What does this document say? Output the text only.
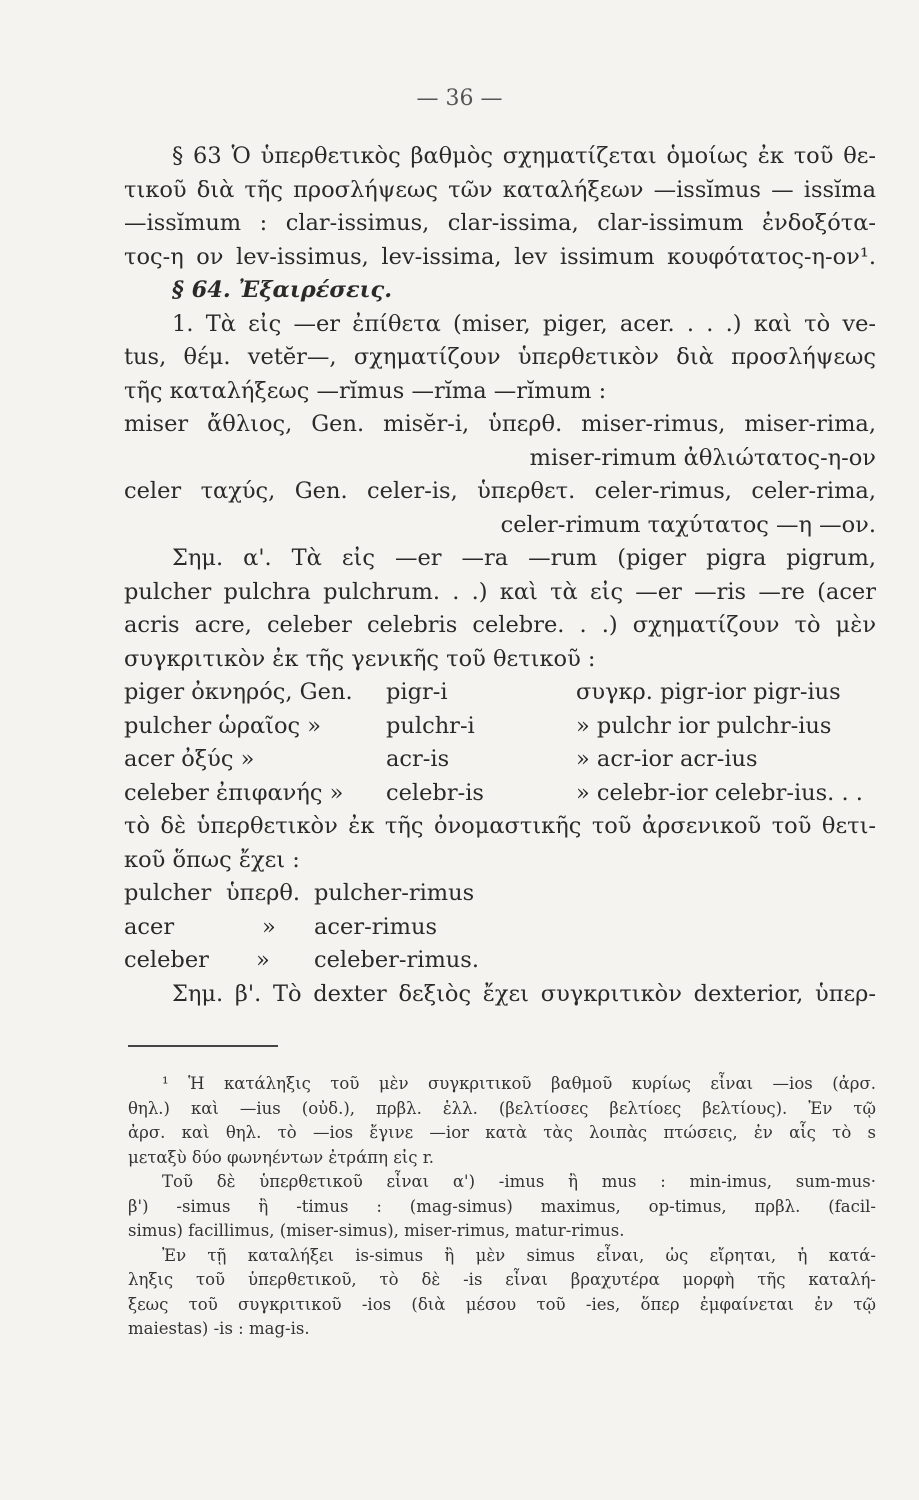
— 36 —
§ 63 Ὁ ὑπερθετικὸς βαθμὸς σχηματίζεται ὁμοίως ἐκ τοῦ θε-
τικοῦ διὰ τῆς προσλήψεως τῶν καταλήξεων —issĭmus — issĭma
—issĭmum : clar-issimus, clar-issima, clar-issimum ἐνδοξότα-
τος-η ον lev-issimus, lev-issima, lev issimum κουφότατος-η-ον¹.
§ 64. Ἐξαιρέσεις.
1. Τὰ εἰς —er ἐπίθετα (miser, piger, acer. . . .) καὶ τὸ ve-
tus, θέμ. vetĕr—, σχηματίζουν ὑπερθετικὸν διὰ προσλήψεως
τῆς καταλήξεως —rĭmus —rĭma —rĭmum :
miser ἄθλιος, Gen. misĕr-i, ὑπερθ. miser-rimus, miser-rima,
miser-rimum ἀθλιώτατος-η-ον
celer ταχύς, Gen. celer-is, ὑπερθετ. celer-rimus, celer-rima,
celer-rimum ταχύτατος —η —ον.
Σημ. α'. Τὰ εἰς —er —ra —rum (piger pigra pigrum,
pulcher pulchra pulchrum. . .) καὶ τὰ εἰς —er —ris —re (acer
acris acre, celeber celebris celebre. . .) σχηματίζουν τὸ μὲν
συγκριτικὸν ἐκ τῆς γενικῆς τοῦ θετικοῦ :
piger ὀκνηρός, Gen.	pigr-i	συγκρ. pigr-ior pigr-ius
pulcher ὡραῖος »	pulchr-i	» pulchr ior pulchr-ius
acer ὀξύς »	acr-is	» acr-ior acr-ius
celeber ἐπιφανής »	celebr-is	» celebr-ior celebr-ius. . .
τὸ δὲ ὑπερθετικὸν ἐκ τῆς ὀνομαστικῆς τοῦ ἀρσενικοῦ τοῦ θετι-
κοῦ ὅπως ἔχει :
pulcher ὑπερθ. pulcher-rimus
acer	»	acer-rimus
celeber	»	celeber-rimus.
Σημ. β'. Τὸ dexter δεξιὸς ἔχει συγκριτικὸν dexterior, ὑπερ-
¹ Ἡ κατάληξις τοῦ μὲν συγκριτικοῦ βαθμοῦ κυρίως εἶναι —ios (ἀρσ.
θηλ.) καὶ —ius (οὐδ.), πρβλ. ἑλλ. (βελτίοσες βελτίοες βελτίους). Ἐν τῷ
ἀρσ. καὶ θηλ. τὸ —ios ἔγινε —ior κατὰ τὰς λοιπὰς πτώσεις, ἐν αἷς τὸ s
μεταξὺ δύο φωνηέντων ἐτράπη εἰς r.
Τοῦ δὲ ὑπερθετικοῦ εἶναι α') -imus ἢ mus : min-imus, sum-mus·
β') -simus ἢ -timus : (mag-simus) maximus, op-timus, πρβλ. (facil-
simus) facillimus, (miser-simus), miser-rimus, matur-rimus.
Ἐν τῇ καταλήξει is-simus ἢ μὲν simus εἶναι, ὡς εἴρηται, ἡ κατά-
ληξις τοῦ ὑπερθετικοῦ, τὸ δὲ -is εἶναι βραχυτέρα μορφὴ τῆς καταλή-
ξεως τοῦ συγκριτικοῦ -ios (διὰ μέσου τοῦ -ies, ὅπερ ἐμφαίνεται ἐν τῷ
maiestas) -is : mag-is.
